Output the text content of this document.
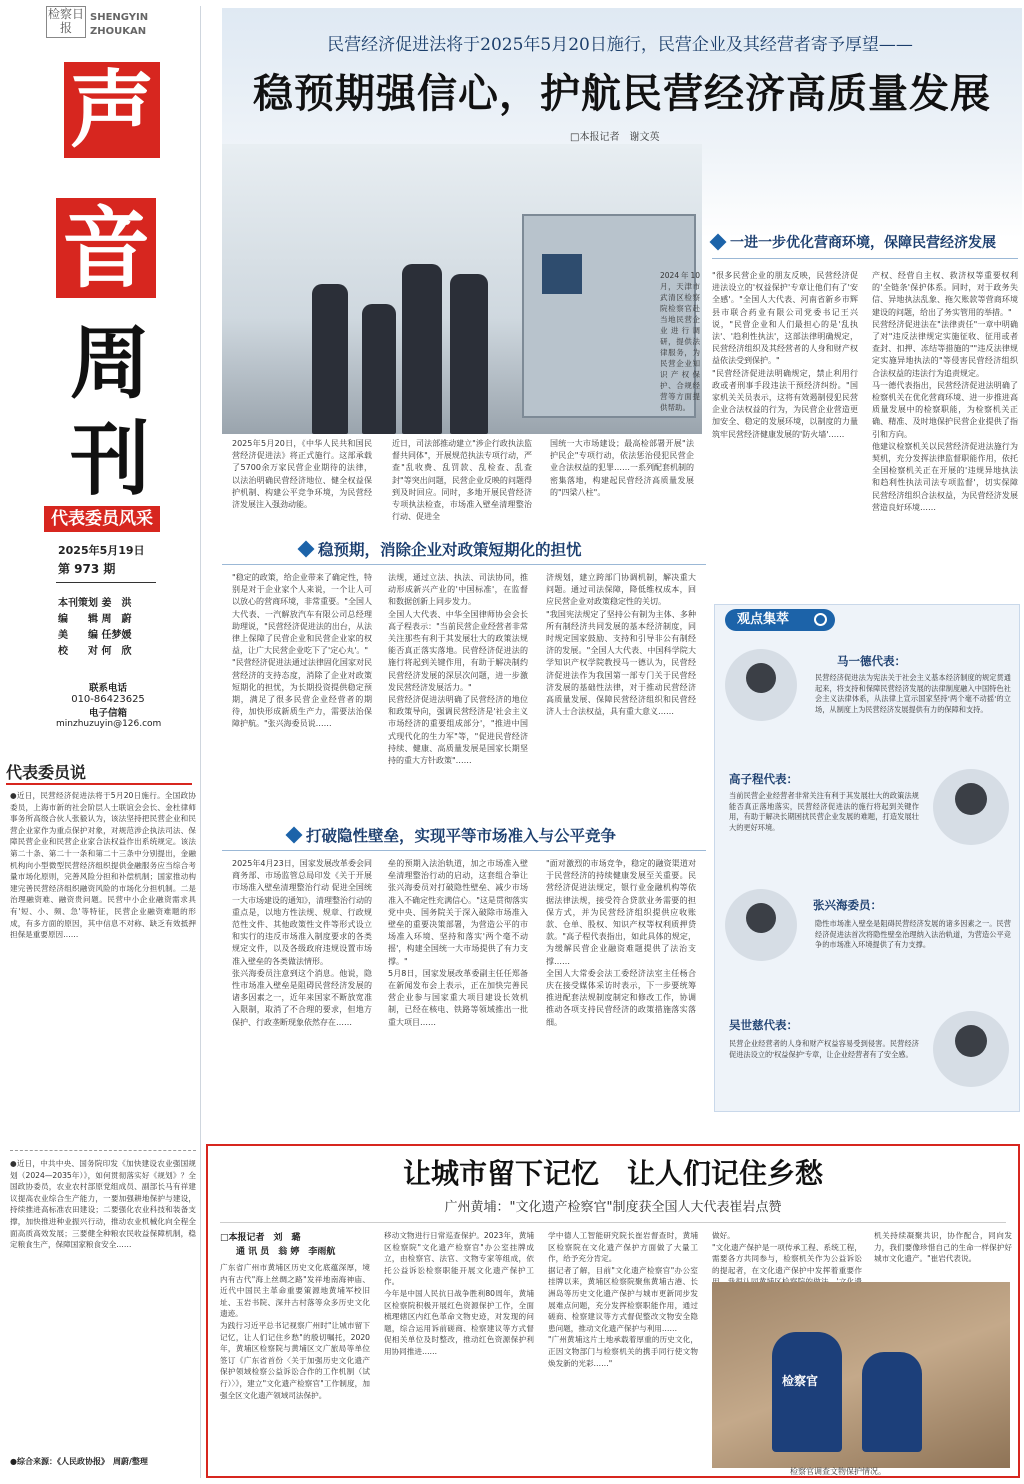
检察日报
SHENGYIN
ZHOUKAN
声
音
周
刊
代表委员风采
2025年5月19日
第 973 期
本刊策划 姜　洪
编　　辑 周　蔚
美　　编 任梦媛
校　　对 何　欣
联系电话
010-86423625
电子信箱
minzhuzuyin@126.com
代表委员说

●近日，民营经济促进法将于5月20日施行。全国政协委员，上海市新的社会阶层人士联谊会会长、金杜律师事务所高级合伙人张毅认为，该法坚持把民营企业和民营企业家作为重点保护对象，对规范涉企执法司法、保障民营企业和民营企业家合法权益作出系统规定。该法第二十条、第二十一条和第二十三条中分别提出，金融机构向小型微型民营经济组织提供金融服务应当综合考量市场化原则，完善风险分担和补偿机制；国家推动构建完善民营经济组织融资风险的市场化分担机制。二是治理融资难、融资贵问题。民营中小企业融资需求具有'短、小、频、急'等特征，民营企业融资难题的形成，有多方面的原因，其中信息不对称、缺乏有效抵押担保是重要原因……

●近日，中共中央、国务院印发《加快建设农业强国规划（2024—2035年）》，如何贯彻落实好《规划》？全国政协委员，农业农村部原党组成员、副部长马有祥建议提高农业综合生产能力，一要加强耕地保护与建设，持续推进高标准农田建设；二要强化农业科技和装备支撑，加快推进种业振兴行动，推动农业机械化向全程全面高质高效发展；三要健全种粮农民收益保障机制，稳定粮食生产，保障国家粮食安全……

●综合来源：《人民政协报》　周蔚/整理
民营经济促进法将于2025年5月20日施行，民营企业及其经营者寄予厚望——
稳预期强信心，护航民营经济高质量发展
□本报记者　谢文英
2024年10月，天津市武清区检察院检察官赴当地民营企业进行调研，提供法律服务，为民营企业知识产权保护、合规经营等方面提供帮助。

2025年5月20日，《中华人民共和国民营经济促进法》将正式施行。这部承载了5700余万家民营企业期待的法律，以法治明确民营经济地位、健全权益保护机制、构建公平竞争环境，为民营经济发展注入强劲动能。

近日，司法部推动建立"涉企行政执法监督共同体"，开展规范执法专项行动，严查"乱收费、乱罚款、乱检查、乱查封"等突出问题，民营企业反映的问题得到及时回应。同时，多地开展民营经济专项执法检查，市场准入壁垒清理整治行动、促进全

国统一大市场建设；最高检部署开展"法护民企"专项行动，依法惩治侵犯民营企业合法权益的犯罪……一系列配套机制的密集落地，构建起民营经济高质量发展的"四梁八柱"。

一进一步优化营商环境，保障民营经济发展

"很多民营企业的朋友反映，民营经济促进法设立的'权益保护'专章让他们有了'安全感'。"全国人大代表、河南省新乡市辉县市联合药业有限公司党委书记王兴说，"民营企业和人们最担心的是'乱执法'、'趋利性执法'，这部法律明确规定，民营经济组织及其经营者的人身和财产权益依法受到保护。"
"民营经济促进法明确规定，禁止利用行政或者刑事手段违法干预经济纠纷。"国家机关关员表示，这将有效遏制侵犯民营企业合法权益的行为，为民营企业营造更加安全、稳定的发展环境，以制度的力量筑牢民营经济健康发展的'防火墙'……

产权、经营自主权、救济权等重要权利的'全链条'保护体系。同时，对于政务失信、异地执法乱象、拖欠账款等营商环境建设的问题，给出了务实管用的举措。"
民营经济促进法在"法律责任"一章中明确了对"违反法律规定实施征收、征用或者查封、扣押、冻结等措施的""违反法律规定实施异地执法的"等侵害民营经济组织合法权益的违法行为追责规定。
马一德代表指出，民营经济促进法明确了检察机关在优化营商环境、进一步推进高质量发展中的检察职能，为检察机关正确、精准、及时地保护民营企业提供了指引和方向。
他建议检察机关以民营经济促进法施行为契机，充分发挥法律监督职能作用，依托全国检察机关正在开展的'违规异地执法和趋利性执法司法专项监督'，切实保障民营经济组织合法权益，为民营经济发展营造良好环境……

稳预期，消除企业对政策短期化的担忧

"稳定的政策，给企业带来了确定性，特别是对于企业家个人来说，一个让人可以放心的营商环境，非常重要。"全国人大代表、一汽解放汽车有限公司总经理助理说，"民营经济促进法的出台，从法律上保障了民营企业和民营企业家的权益，让广大民营企业吃下了'定心丸'。"
"民营经济促进法通过法律固化国家对民营经济的支持态度，消除了企业对政策短期化的担忧，为长期投资提供稳定预期，满足了很多民营企业经营者的期待，加快形成新质生产力，需要法治保障护航。"张兴海委员说……

法规，通过立法、执法、司法协同，推动形成新兴产业的'中国标准'，在监督和数据创新上同步发力。
全国人大代表、中华全国律师协会会长高子程表示："当前民营企业经营者非常关注那些有利于其发展壮大的政策法规能否真正落实落地。民营经济促进法的施行将起到关键作用，有助于解决制约民营经济发展的深层次问题，进一步激发民营经济发展活力。"
民营经济促进法明确了民营经济的地位和政策导向，强调民营经济是'社会主义市场经济的重要组成部分'，"推进中国式现代化的生力军"等，"促进民营经济持续、健康、高质量发展是国家长期坚持的重大方针政策"……

济规划，建立跨部门协调机制，解决重大问题。通过司法保障，降低维权成本，回应民营企业对政策稳定性的关切。
"我国宪法规定了坚持公有制为主体、多种所有制经济共同发展的基本经济制度，同时规定国家鼓励、支持和引导非公有制经济的发展。"全国人大代表、中国科学院大学知识产权学院教授马一德认为，民营经济促进法作为我国第一部专门关于民营经济发展的基础性法律，对于推动民营经济高质量发展、保障民营经济组织和民营经济人士合法权益，具有重大意义……

打破隐性壁垒，实现平等市场准入与公平竞争

2025年4月23日，国家发展改革委会同商务部、市场监管总局印发《关于开展市场准入壁垒清理整治行动 促进全国统一大市场建设的通知》，清理整治行动的重点是，以地方性法规、规章、行政规范性文件、其他政策性文件等形式设立和实行的违反市场准入制度要求的各类规定文件，以及各级政府违规设置市场准入壁垒的各类做法情形。
张兴海委员注意到这个消息。他说，隐性市场准入壁垒是阻碍民营经济发展的诸多因素之一，近年来国家不断放宽准入限制，取消了不合理的要求，但地方保护、行政垄断现象依然存在……

垒的预期入法治轨道，加之市场准入壁垒清理整治行动的启动，这套组合拳让张兴海委员对打破隐性壁垒、减少市场准入不确定性充满信心。"这是贯彻落实党中央、国务院关于深入破除市场准入壁垒的重要决策部署，为营造公平的市场准入环境、坚持和落实'两个毫不动摇'，构建全国统一大市场提供了有力支撑。"
5月8日，国家发展改革委副主任任郑备在新闻发布会上表示，正在加快完善民营企业参与国家重大项目建设长效机制，已经在核电、铁路等领域推出一批重大项目……

"面对激烈的市场竞争，稳定的融资渠道对于民营经济的持续健康发展至关重要。民营经济促进法规定，银行业金融机构等依据法律法规，接受符合贷款业务需要的担保方式，并为民营经济组织提供应收账款、仓单、股权、知识产权等权利质押贷款。"高子程代表指出，如此具体的规定，为缓解民营企业融资难题提供了法治支撑……
全国人大常委会法工委经济法室主任杨合庆在接受媒体采访时表示，下一步要统筹推进配套法规制度制定和修改工作，协调推动各项支持民营经济的政策措施落实落细。

观点集萃
马一德代表：

民营经济促进法为宪法关于社会主义基本经济制度的规定贯通起来，将支持和保障民营经济发展的法律制度融入中国特色社会主义法律体系，从法律上宣示国家坚持'两个毫不动摇'的立场，从制度上为民营经济发展提供有力的保障和支持。

高子程代表：

当前民营企业经营者非常关注有利于其发展壮大的政策法规能否真正落地落实，民营经济促进法的施行将起到关键作用，有助于解决长期困扰民营企业发展的难题，打造发展壮大的更好环境。

张兴海委员：

隐性市场准入壁垒是阻碍民营经济发展的诸多因素之一。民营经济促进法首次将隐性壁垒治理纳入法治轨道，为营造公平竞争的市场准入环境提供了有力支撑。

吴世慈代表：

民营企业经营者的人身和财产权益容易受到侵害。民营经济促进法设立的'权益保护'专章，让企业经营者有了安全感。

让城市留下记忆　让人们记住乡愁
广州黄埔："文化遗产检察官"制度获全国人大代表崔岩点赞
□本报记者　刘　璐
通 讯 员　翁 婷　李雨航

广东省广州市黄埔区历史文化底蕴深厚，境内有古代"海上丝绸之路"发祥地南海神庙、近代中国民主革命重要策源地黄埔军校旧址、玉岩书院、深井古村落等众多历史文化遗迹。
为践行习近平总书记视察广州时"让城市留下记忆，让人们记住乡愁"的殷切嘱托，2020年，黄埔区检察院与黄埔区文广旅局等单位签订《广东省首份〈关于加强历史文化遗产保护领域检察公益诉讼合作的工作机制（试行）〉》，建立"文化遗产检察官"工作制度，加强全区文化遗产领域司法保护。

移动文物进行日常巡查保护。2023年，黄埔区检察院"文化遗产检察官"办公室挂牌成立，由检察官、法官、文物专家等组成，依托公益诉讼检察职能开展文化遗产保护工作。
今年是中国人民抗日战争胜利80周年，黄埔区检察院积极开展红色资源保护工作，全面梳理辖区内红色革命文物史迹，对发现的问题，综合运用诉前磋商、检察建议等方式督促相关单位及时整改，推动红色资源保护利用协同推进……

学中德人工智能研究院长崔岩督查时，黄埔区检察院在文化遗产保护方面做了大量工作，给予充分肯定。
据记者了解，目前"文化遗产检察官"办公室挂牌以来，黄埔区检察院聚焦黄埔古港、长洲岛等历史文化遗产保护与城市更新同步发展难点问题，充分发挥检察职能作用，通过磋商、检察建议等方式督促整改文物安全隐患问题，推动文化遗产保护与利用……
"广州黄埔这片土地承载着厚重的历史文化，正因文物部门与检察机关的携手同行使文物焕发新的光彩……"

做好。
"文化遗产保护是一项传承工程、系统工程，需要各方共同参与，检察机关作为公益诉讼的提起者，在文化遗产保护中发挥着重要作

机关持续凝聚共识，协作配合，同向发力，我们要像珍惜自己的生命一样保护好城市文化遗产。"崔岩代表说。

检察官
检察官调查文物保护情况。
